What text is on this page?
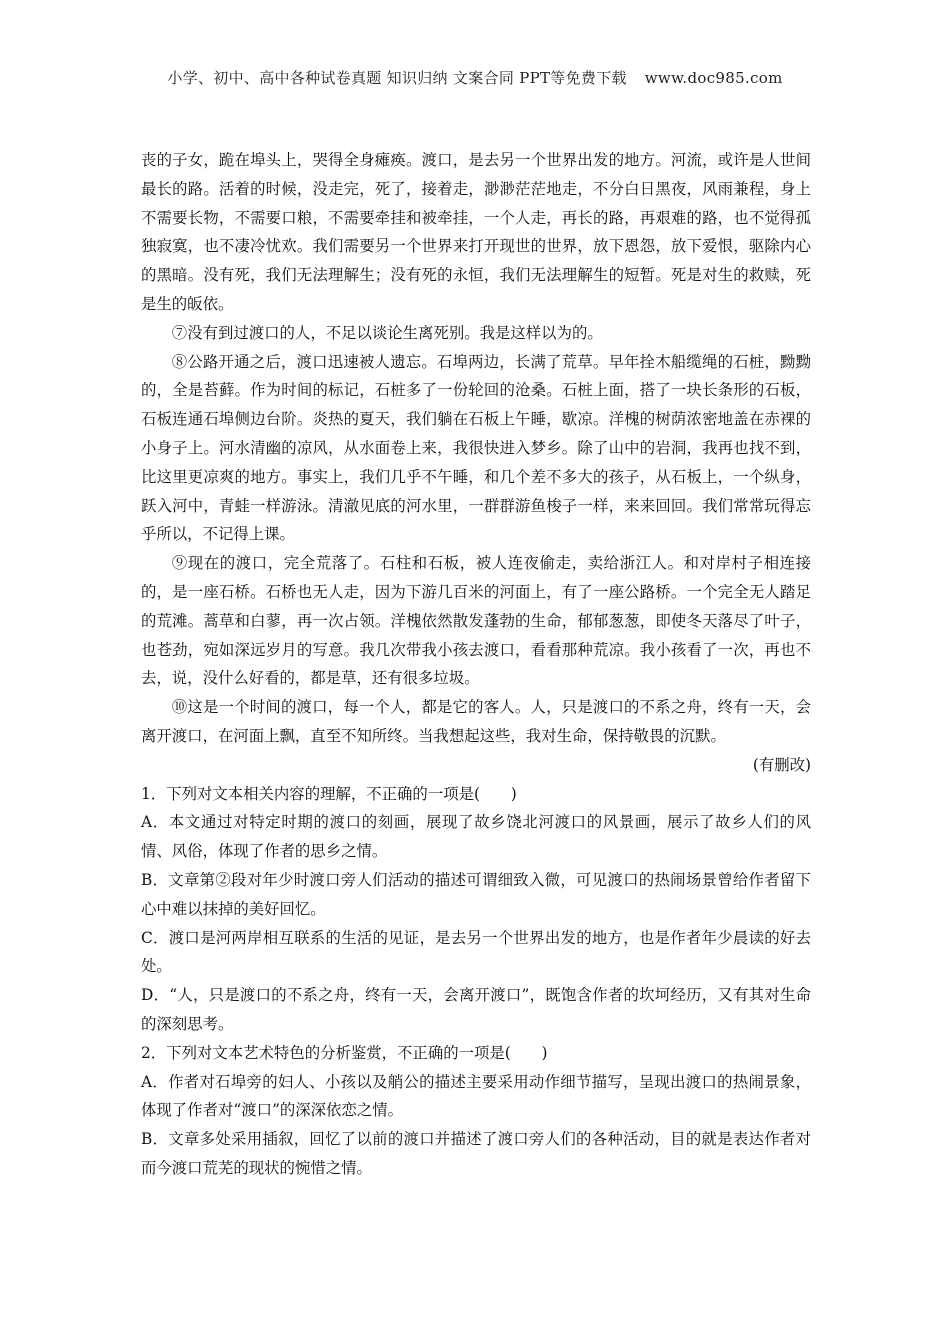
小学、初中、高中各种试卷真题 知识归纳 文案合同 PPT等免费下载 www.doc985.com

丧的子女，跪在埠头上，哭得全身瘫痪。渡口，是去另一个世界出发的地方。河流，或许是人世间最长的路。活着的时候，没走完，死了，接着走，渺渺茫茫地走，不分白日黑夜，风雨兼程，身上不需要长物，不需要口粮，不需要牵挂和被牵挂，一个人走，再长的路，再艰难的路，也不觉得孤独寂寞，也不凄冷忧欢。我们需要另一个世界来打开现世的世界，放下恩怨，放下爱恨，驱除内心的黑暗。没有死，我们无法理解生；没有死的永恒，我们无法理解生的短暂。死是对生的救赎，死是生的皈依。

⑦没有到过渡口的人，不足以谈论生离死别。我是这样以为的。

⑧公路开通之后，渡口迅速被人遗忘。石埠两边，长满了荒草。早年拴木船缆绳的石桩，黝黝的，全是苔藓。作为时间的标记，石桩多了一份轮回的沧桑。石桩上面，搭了一块长条形的石板，石板连通石埠侧边台阶。炎热的夏天，我们躺在石板上午睡，歇凉。洋槐的树荫浓密地盖在赤裸的小身子上。河水清幽的凉风，从水面卷上来，我很快进入梦乡。除了山中的岩洞，我再也找不到，比这里更凉爽的地方。事实上，我们几乎不午睡，和几个差不多大的孩子，从石板上，一个纵身，跃入河中，青蛙一样游泳。清澈见底的河水里，一群群游鱼梭子一样，来来回回。我们常常玩得忘乎所以，不记得上课。

⑨现在的渡口，完全荒落了。石柱和石板，被人连夜偷走，卖给浙江人。和对岸村子相连接的，是一座石桥。石桥也无人走，因为下游几百米的河面上，有了一座公路桥。一个完全无人踏足的荒滩。蒿草和白蓼，再一次占领。洋槐依然散发蓬勃的生命，郁郁葱葱，即使冬天落尽了叶子，也苍劲，宛如深远岁月的写意。我几次带我小孩去渡口，看看那种荒凉。我小孩看了一次，再也不去，说，没什么好看的，都是草，还有很多垃圾。

⑩这是一个时间的渡口，每一个人，都是它的客人。人，只是渡口的不系之舟，终有一天，会离开渡口，在河面上飘，直至不知所终。当我想起这些，我对生命，保持敬畏的沉默。

(有删改)

1．下列对文本相关内容的理解，不正确的一项是(　　)

A．本文通过对特定时期的渡口的刻画，展现了故乡饶北河渡口的风景画，展示了故乡人们的风情、风俗，体现了作者的思乡之情。

B．文章第②段对年少时渡口旁人们活动的描述可谓细致入微，可见渡口的热闹场景曾给作者留下心中难以抹掉的美好回忆。

C．渡口是河两岸相互联系的生活的见证，是去另一个世界出发的地方，也是作者年少晨读的好去处。

D．“人，只是渡口的不系之舟，终有一天，会离开渡口”，既饱含作者的坎坷经历，又有其对生命的深刻思考。

2．下列对文本艺术特色的分析鉴赏，不正确的一项是(　　)

A．作者对石埠旁的妇人、小孩以及艄公的描述主要采用动作细节描写，呈现出渡口的热闹景象，体现了作者对“渡口”的深深依恋之情。

B．文章多处采用插叙，回忆了以前的渡口并描述了渡口旁人们的各种活动，目的就是表达作者对而今渡口荒芜的现状的惋惜之情。
